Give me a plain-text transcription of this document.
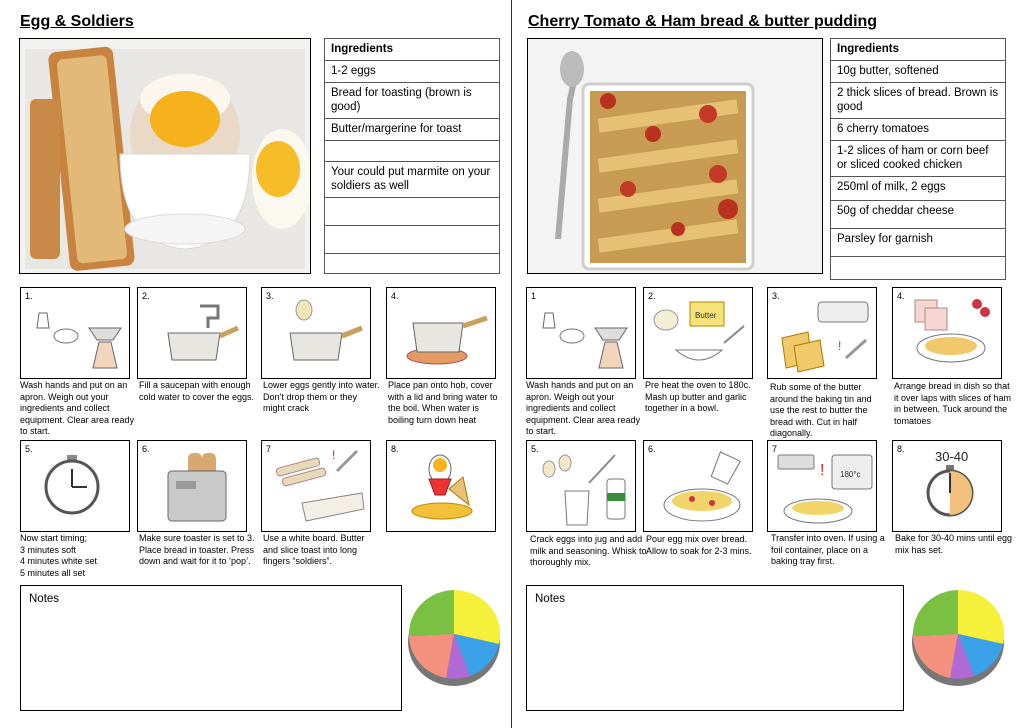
Egg & Soldiers
Ingredients
1-2 eggs
Bread for toasting (brown is good)
Butter/margerine for toast
Your could put marmite on your soldiers as well
1.	2.	3.	4.
Wash hands and put on an apron. Weigh out your ingredients and collect equipment. Clear area ready to start.
Fill a saucepan with enough cold water to cover the eggs.
Lower eggs gently into water. Don’t drop them or they might crack
Place pan onto hob, cover with a lid and bring water to the boil. When water is boiling turn down heat
5.	6.	7	!	8.
Now start timing;
3 minutes soft
4 minutes white set
5 minutes all set
Make sure toaster is set to 3. Place bread in toaster. Press down and wait for it to ‘pop’.
Use a white board. Butter and slice toast into long fingers “soldiers”.
Notes
Cherry Tomato & Ham bread & butter pudding
Ingredients
10g butter, softened
2 thick slices of bread. Brown is good
6 cherry tomatoes
1-2 slices of ham or corn beef or sliced cooked chicken
250ml of milk, 2 eggs
50g of cheddar cheese
Parsley for garnish
1	2.
Butter
3.
!
4.
Wash hands and put on an apron. Weigh out your ingredients and collect equipment. Clear area ready to start.
Pre heat the oven to 180c. Mash up butter and garlic together in a bowl.
Rub some of the butter around the baking tin and use the rest to butter the bread with. Cut in half diagonally.
Arrange bread in dish so that it over laps with slices of ham in between. Tuck around the tomatoes
5.	6.	7
! 180°c
8. 30-40
Crack eggs into jug and add milk and seasoning. Whisk to thoroughly mix.
Pour egg mix over bread. Allow to soak for 2-3 mins.
Transfer into oven. If using a foil container, place on a baking tray first.
Bake for 30-40 mins until egg mix has set.
Notes
